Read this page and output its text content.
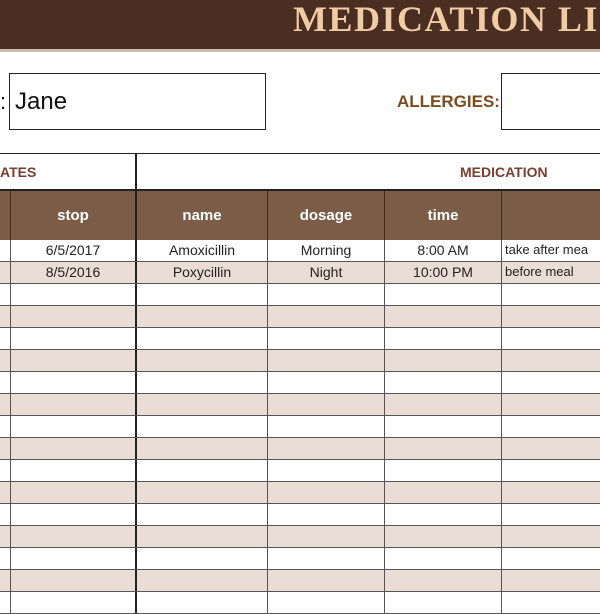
MEDICATION LI
: Jane	ALLERGIES:
ATES	MEDICATION
stop	name	dosage	time
6/5/2017	Amoxicillin	Morning	8:00 AM	take after mea
8/5/2016	Poxycillin	Night	10:00 PM	before meal
